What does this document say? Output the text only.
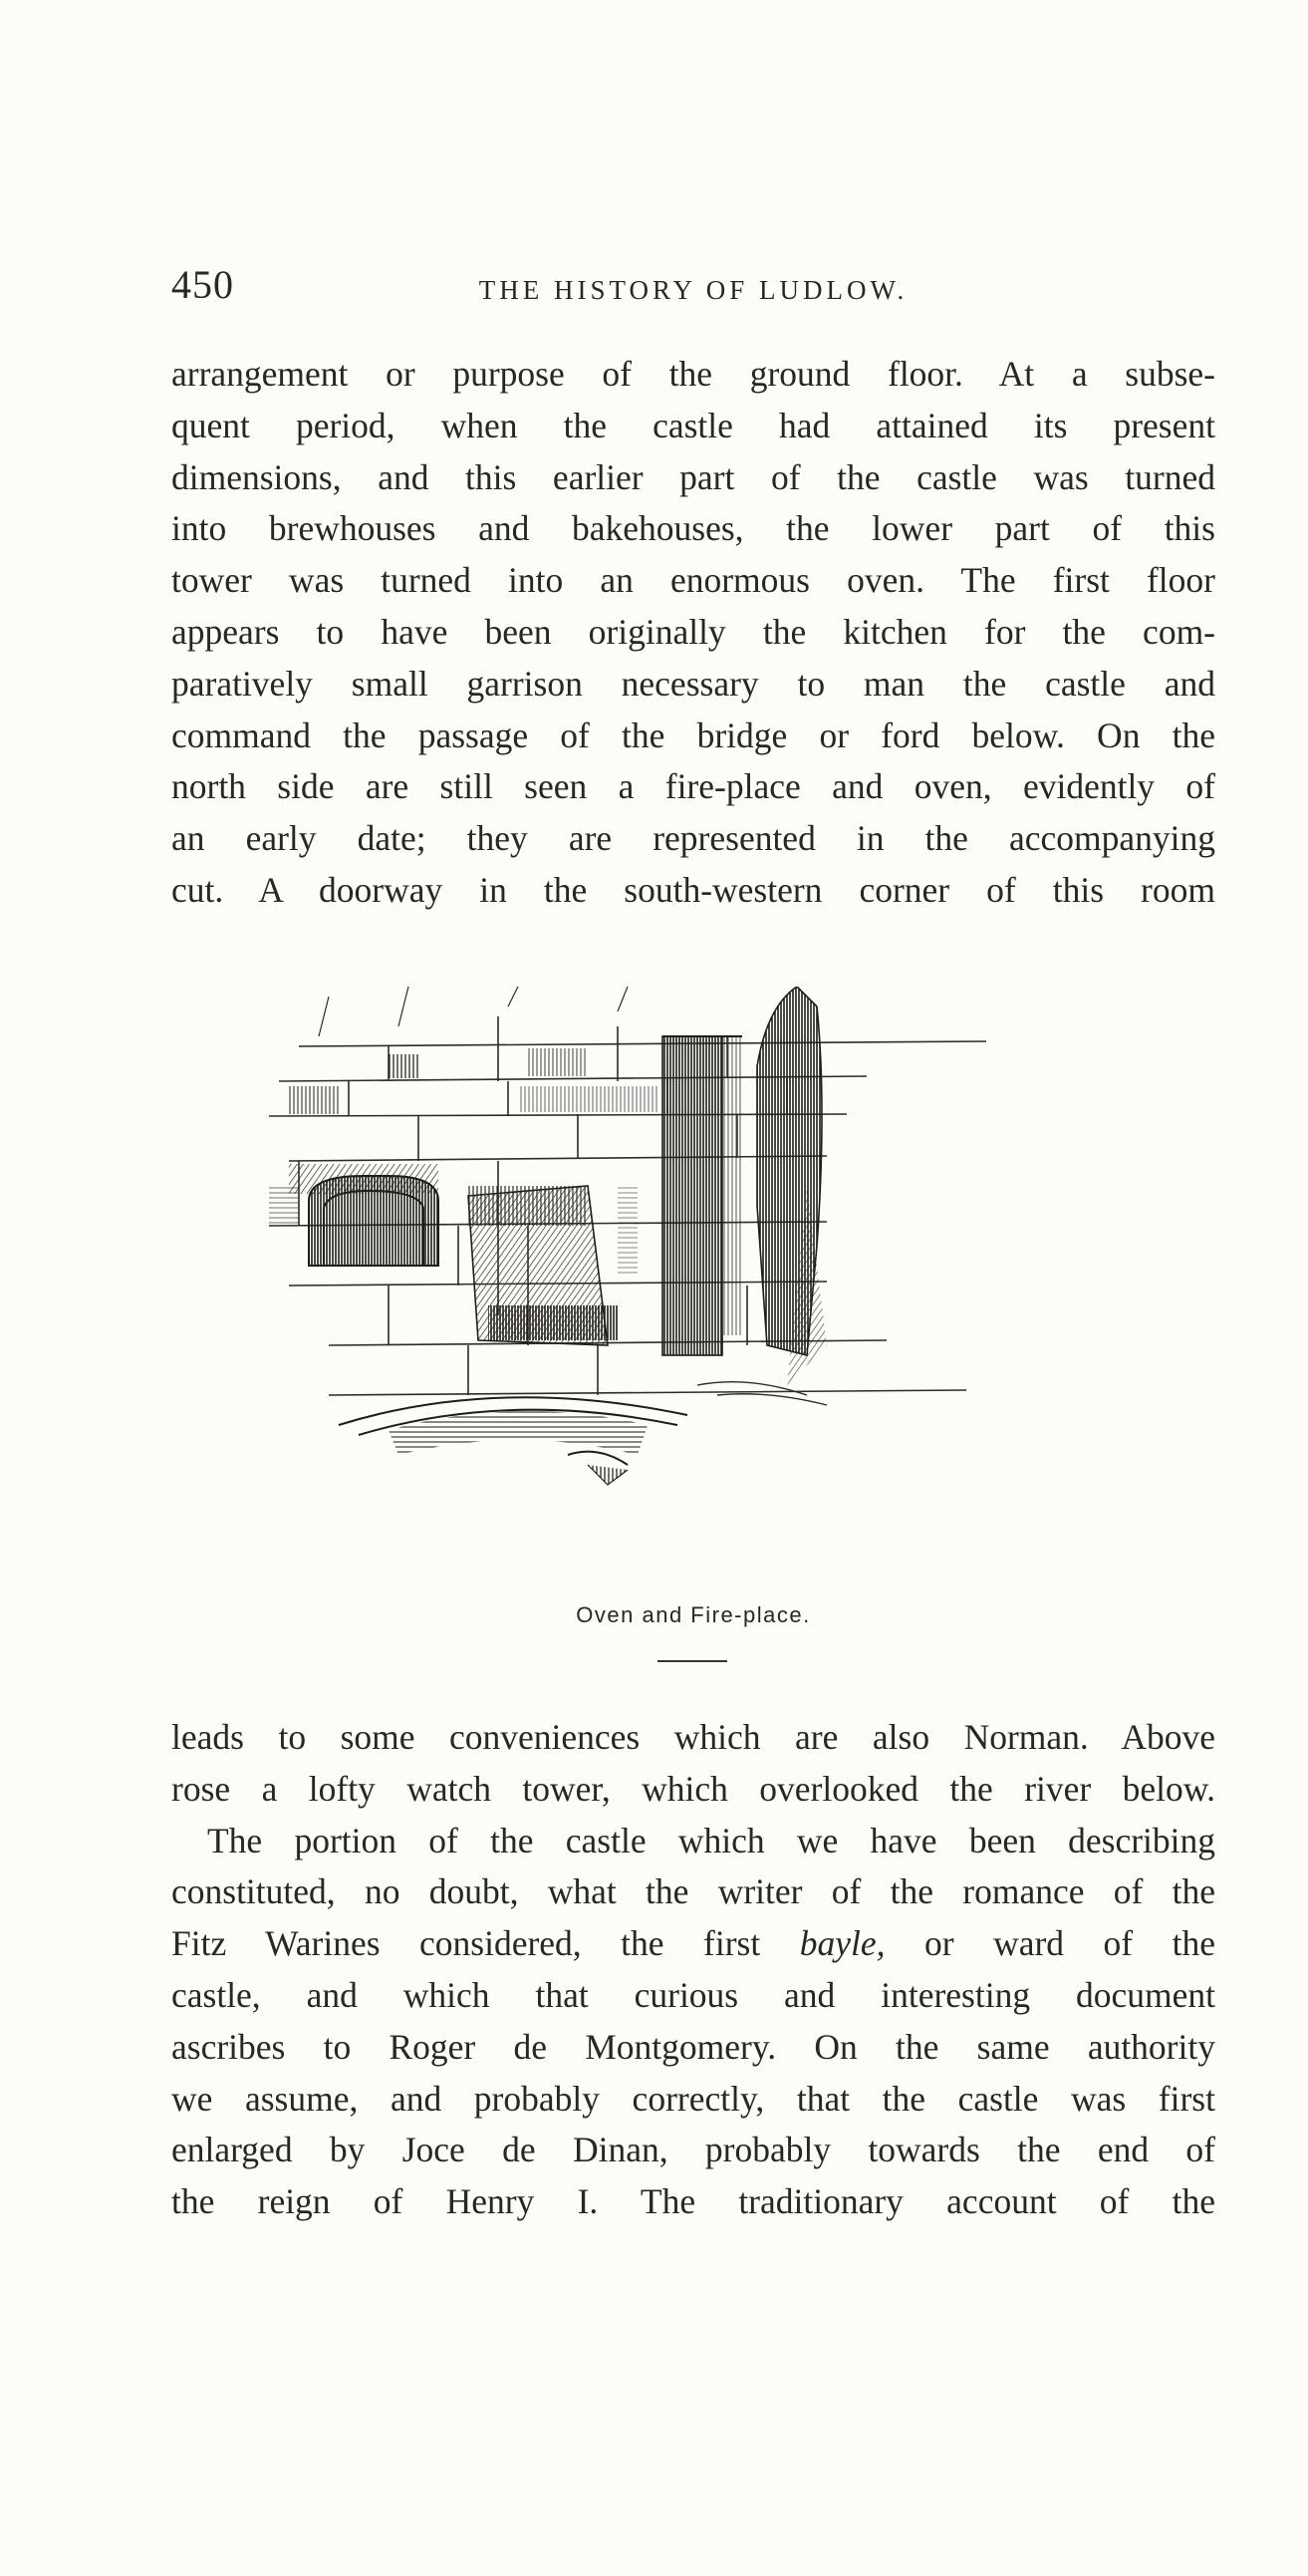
450	THE HISTORY OF LUDLOW.
arrangement or purpose of the ground floor. At a subse-
quent period, when the castle had attained its present
dimensions, and this earlier part of the castle was turned
into brewhouses and bakehouses, the lower part of this
tower was turned into an enormous oven. The first floor
appears to have been originally the kitchen for the com-
paratively small garrison necessary to man the castle and
command the passage of the bridge or ford below. On the
north side are still seen a fire-place and oven, evidently of
an early date; they are represented in the accompanying
cut. A doorway in the south-western corner of this room
Oven and Fire-place.
leads to some conveniences which are also Norman. Above
rose a lofty watch tower, which overlooked the river below.
The portion of the castle which we have been describing
constituted, no doubt, what the writer of the romance of the
Fitz Warines considered, the first bayle, or ward of the
castle, and which that curious and interesting document
ascribes to Roger de Montgomery. On the same authority
we assume, and probably correctly, that the castle was first
enlarged by Joce de Dinan, probably towards the end of
the reign of Henry I. The traditionary account of the
